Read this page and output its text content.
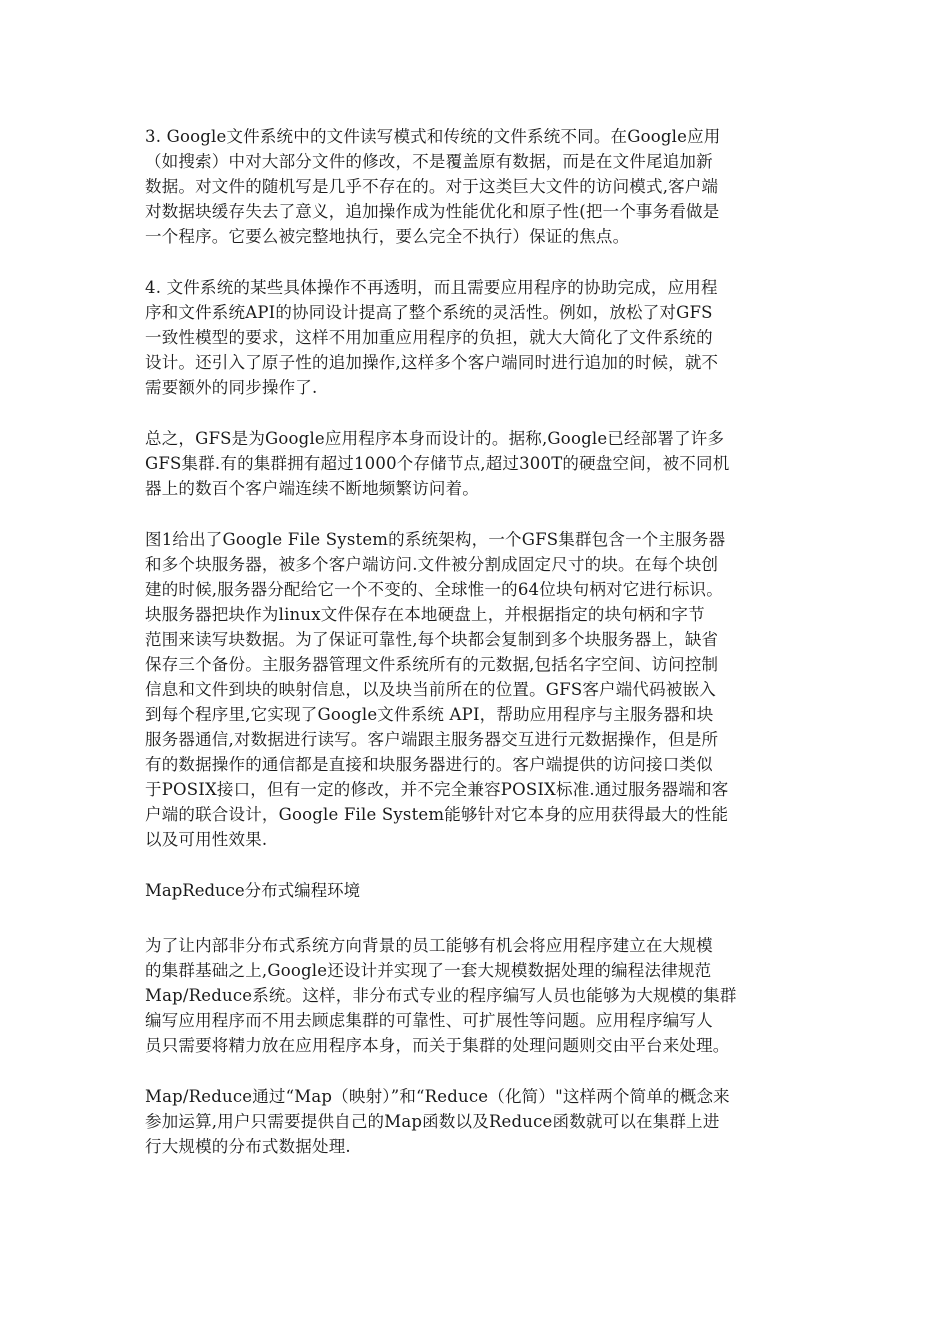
3. Google文件系统中的文件读写模式和传统的文件系统不同。在Google应用
（如搜索）中对大部分文件的修改，不是覆盖原有数据，而是在文件尾追加新
数据。对文件的随机写是几乎不存在的。对于这类巨大文件的访问模式,客户端
对数据块缓存失去了意义，追加操作成为性能优化和原子性(把一个事务看做是
一个程序。它要么被完整地执行，要么完全不执行）保证的焦点。

4. 文件系统的某些具体操作不再透明，而且需要应用程序的协助完成，应用程
序和文件系统API的协同设计提高了整个系统的灵活性。例如，放松了对GFS
一致性模型的要求，这样不用加重应用程序的负担，就大大简化了文件系统的
设计。还引入了原子性的追加操作,这样多个客户端同时进行追加的时候，就不
需要额外的同步操作了.

总之，GFS是为Google应用程序本身而设计的。据称,Google已经部署了许多
GFS集群.有的集群拥有超过1000个存储节点,超过300T的硬盘空间，被不同机
器上的数百个客户端连续不断地频繁访问着。

图1给出了Google File System的系统架构，一个GFS集群包含一个主服务器
和多个块服务器，被多个客户端访问.文件被分割成固定尺寸的块。在每个块创
建的时候,服务器分配给它一个不变的、全球惟一的64位块句柄对它进行标识。
块服务器把块作为linux文件保存在本地硬盘上，并根据指定的块句柄和字节
范围来读写块数据。为了保证可靠性,每个块都会复制到多个块服务器上，缺省
保存三个备份。主服务器管理文件系统所有的元数据,包括名字空间、访问控制
信息和文件到块的映射信息，以及块当前所在的位置。GFS客户端代码被嵌入
到每个程序里,它实现了Google文件系统 API，帮助应用程序与主服务器和块
服务器通信,对数据进行读写。客户端跟主服务器交互进行元数据操作，但是所
有的数据操作的通信都是直接和块服务器进行的。客户端提供的访问接口类似
于POSIX接口，但有一定的修改，并不完全兼容POSIX标准.通过服务器端和客
户端的联合设计，Google File System能够针对它本身的应用获得最大的性能
以及可用性效果.

MapReduce分布式编程环境

为了让内部非分布式系统方向背景的员工能够有机会将应用程序建立在大规模
的集群基础之上,Google还设计并实现了一套大规模数据处理的编程法律规范
Map/Reduce系统。这样，非分布式专业的程序编写人员也能够为大规模的集群
编写应用程序而不用去顾虑集群的可靠性、可扩展性等问题。应用程序编写人
员只需要将精力放在应用程序本身，而关于集群的处理问题则交由平台来处理。

Map/Reduce通过“Map（映射）”和“Reduce（化简）"这样两个简单的概念来
参加运算,用户只需要提供自己的Map函数以及Reduce函数就可以在集群上进
行大规模的分布式数据处理.
